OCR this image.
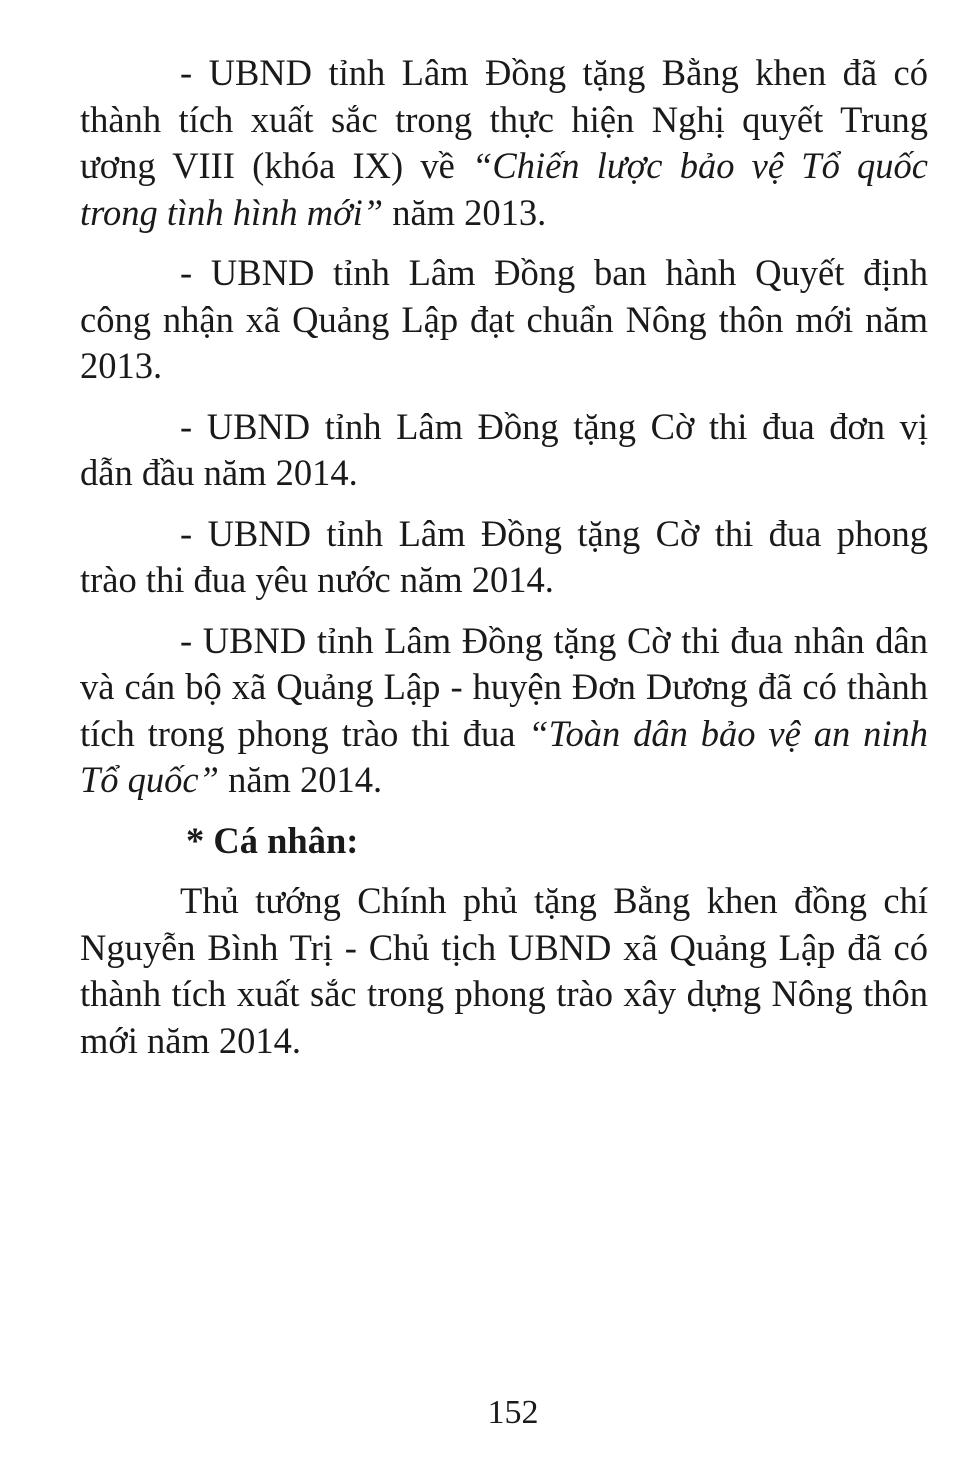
- UBND tỉnh Lâm Đồng tặng Bằng khen đã có thành tích xuất sắc trong thực hiện Nghị quyết Trung ương VIII (khóa IX) về “Chiến lược bảo vệ Tổ quốc trong tình hình mới” năm 2013.

- UBND tỉnh Lâm Đồng ban hành Quyết định công nhận xã Quảng Lập đạt chuẩn Nông thôn mới năm 2013.

- UBND tỉnh Lâm Đồng tặng Cờ thi đua đơn vị dẫn đầu năm 2014.

- UBND tỉnh Lâm Đồng tặng Cờ thi đua phong trào thi đua yêu nước năm 2014.

- UBND tỉnh Lâm Đồng tặng Cờ thi đua nhân dân và cán bộ xã Quảng Lập - huyện Đơn Dương đã có thành tích trong phong trào thi đua “Toàn dân bảo vệ an ninh Tổ quốc” năm 2014.

* Cá nhân:

Thủ tướng Chính phủ tặng Bằng khen đồng chí Nguyễn Bình Trị - Chủ tịch UBND xã Quảng Lập đã có thành tích xuất sắc trong phong trào xây dựng Nông thôn mới năm 2014.

152
